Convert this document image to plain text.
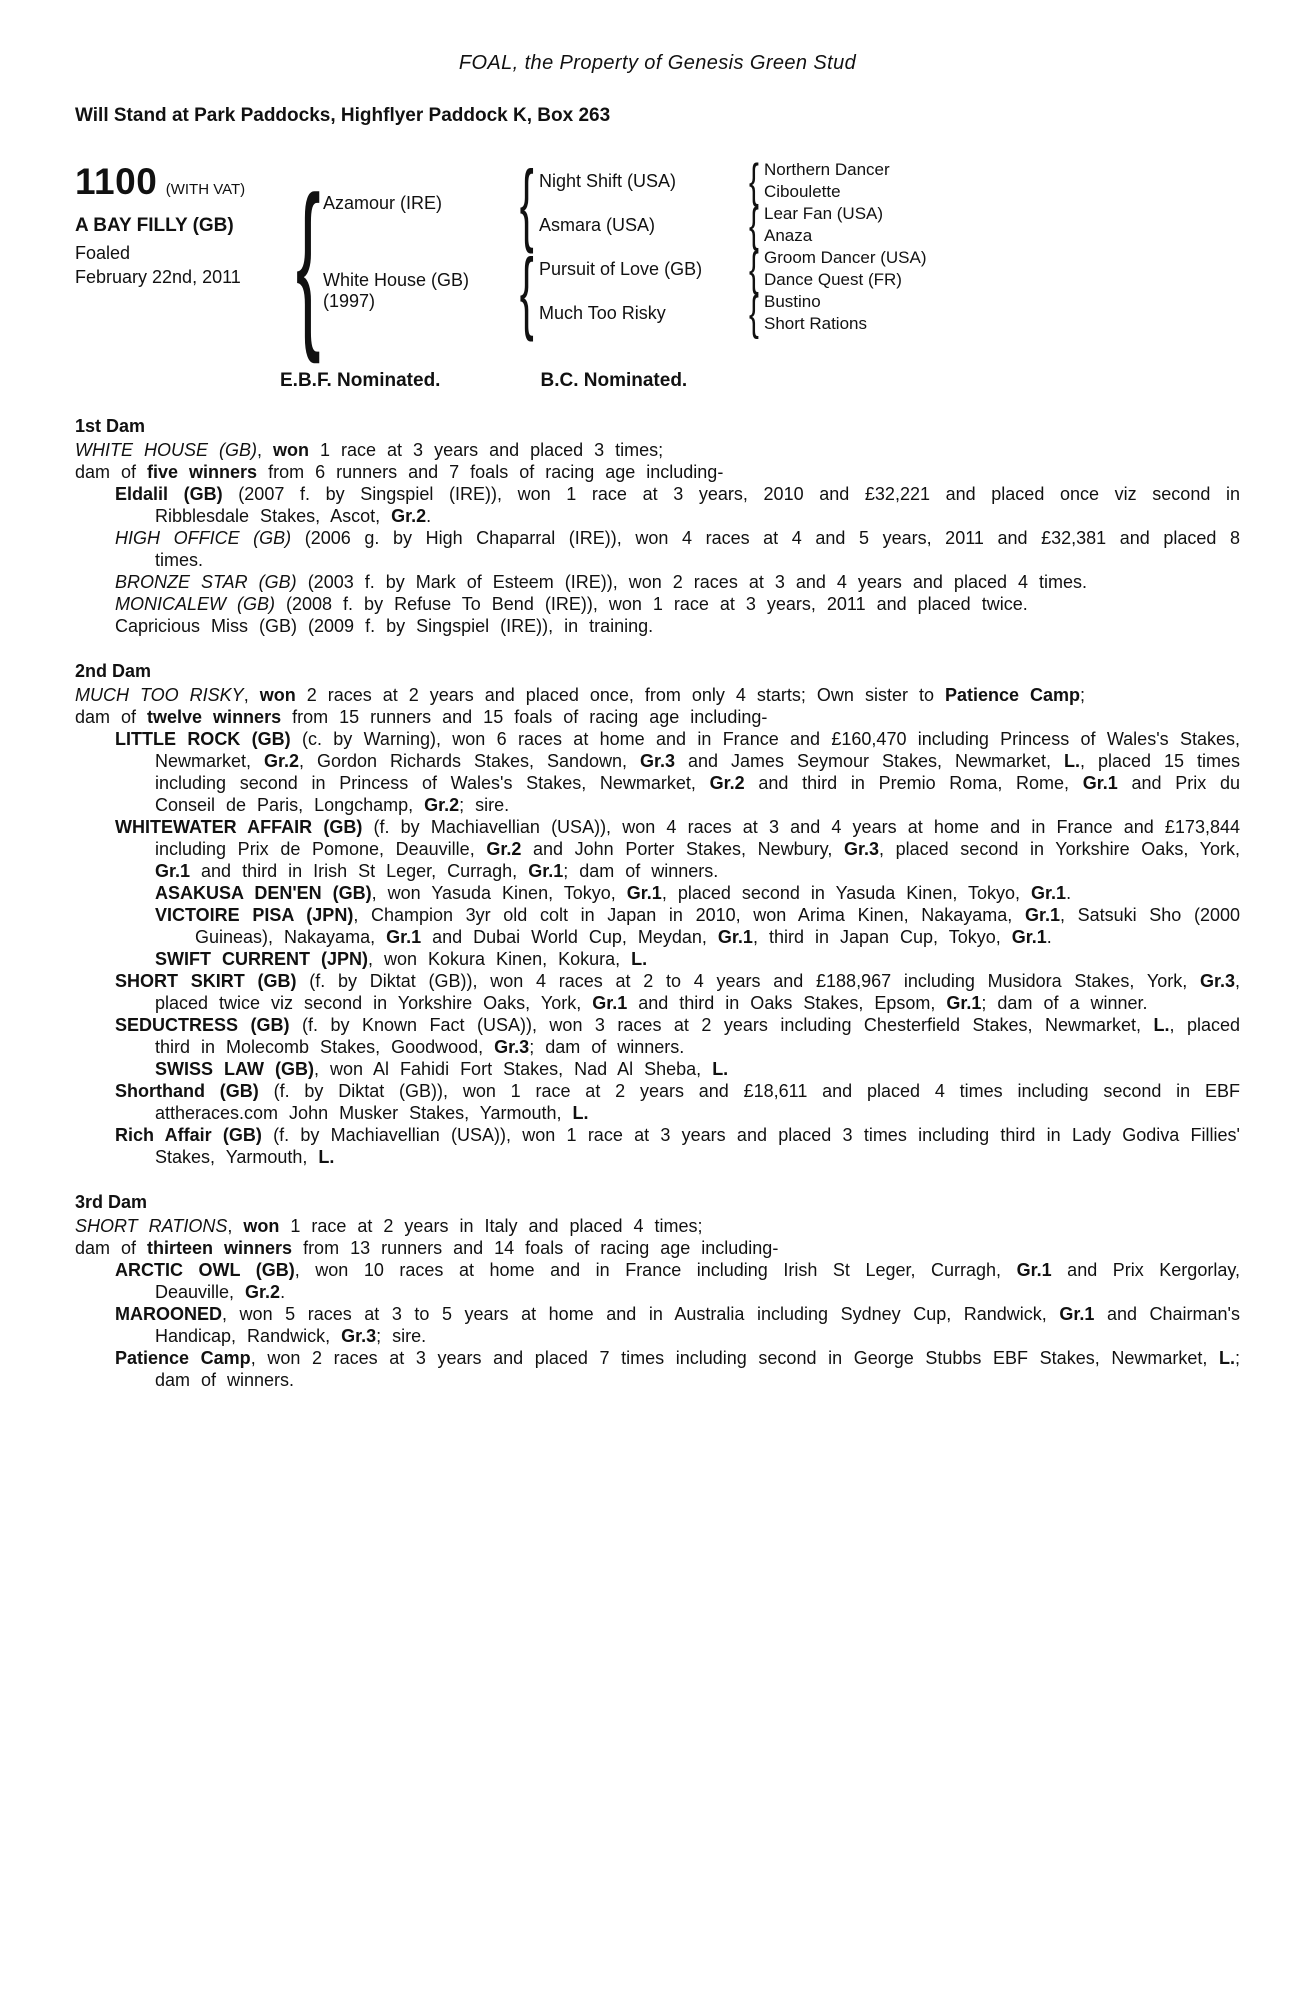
FOAL, the Property of Genesis Green Stud
Will Stand at Park Paddocks, Highflyer Paddock K, Box 263
1100 (WITH VAT)
A BAY FILLY (GB)
Foaled
February 22nd, 2011
{
Azamour (IRE)
{
Night Shift (USA)
{
Northern Dancer
Ciboulette
Asmara (USA)
{
Lear Fan (USA)
Anaza
White House (GB)
(1997)
{
Pursuit of Love (GB)
{
Groom Dancer (USA)
Dance Quest (FR)
Much Too Risky
{
Bustino
Short Rations
E.B.F. Nominated.	B.C. Nominated.
1st Dam

WHITE HOUSE (GB), won 1 race at 3 years and placed 3 times;

dam of five winners from 6 runners and 7 foals of racing age including-

Eldalil (GB) (2007 f. by Singspiel (IRE)), won 1 race at 3 years, 2010 and £32,221 and placed once viz second in Ribblesdale Stakes, Ascot, Gr.2.

HIGH OFFICE (GB) (2006 g. by High Chaparral (IRE)), won 4 races at 4 and 5 years, 2011 and £32,381 and placed 8 times.

BRONZE STAR (GB) (2003 f. by Mark of Esteem (IRE)), won 2 races at 3 and 4 years and placed 4 times.

MONICALEW (GB) (2008 f. by Refuse To Bend (IRE)), won 1 race at 3 years, 2011 and placed twice.

Capricious Miss (GB) (2009 f. by Singspiel (IRE)), in training.

2nd Dam

MUCH TOO RISKY, won 2 races at 2 years and placed once, from only 4 starts; Own sister to Patience Camp;

dam of twelve winners from 15 runners and 15 foals of racing age including-

LITTLE ROCK (GB) (c. by Warning), won 6 races at home and in France and £160,470 including Princess of Wales's Stakes, Newmarket, Gr.2, Gordon Richards Stakes, Sandown, Gr.3 and James Seymour Stakes, Newmarket, L., placed 15 times including second in Princess of Wales's Stakes, Newmarket, Gr.2 and third in Premio Roma, Rome, Gr.1 and Prix du Conseil de Paris, Longchamp, Gr.2; sire.

WHITEWATER AFFAIR (GB) (f. by Machiavellian (USA)), won 4 races at 3 and 4 years at home and in France and £173,844 including Prix de Pomone, Deauville, Gr.2 and John Porter Stakes, Newbury, Gr.3, placed second in Yorkshire Oaks, York, Gr.1 and third in Irish St Leger, Curragh, Gr.1; dam of winners.

ASAKUSA DEN'EN (GB), won Yasuda Kinen, Tokyo, Gr.1, placed second in Yasuda Kinen, Tokyo, Gr.1.

VICTOIRE PISA (JPN), Champion 3yr old colt in Japan in 2010, won Arima Kinen, Nakayama, Gr.1, Satsuki Sho (2000 Guineas), Nakayama, Gr.1 and Dubai World Cup, Meydan, Gr.1, third in Japan Cup, Tokyo, Gr.1.

SWIFT CURRENT (JPN), won Kokura Kinen, Kokura, L.

SHORT SKIRT (GB) (f. by Diktat (GB)), won 4 races at 2 to 4 years and £188,967 including Musidora Stakes, York, Gr.3, placed twice viz second in Yorkshire Oaks, York, Gr.1 and third in Oaks Stakes, Epsom, Gr.1; dam of a winner.

SEDUCTRESS (GB) (f. by Known Fact (USA)), won 3 races at 2 years including Chesterfield Stakes, Newmarket, L., placed third in Molecomb Stakes, Goodwood, Gr.3; dam of winners.

SWISS LAW (GB), won Al Fahidi Fort Stakes, Nad Al Sheba, L.

Shorthand (GB) (f. by Diktat (GB)), won 1 race at 2 years and £18,611 and placed 4 times including second in EBF attheraces.com John Musker Stakes, Yarmouth, L.

Rich Affair (GB) (f. by Machiavellian (USA)), won 1 race at 3 years and placed 3 times including third in Lady Godiva Fillies' Stakes, Yarmouth, L.

3rd Dam

SHORT RATIONS, won 1 race at 2 years in Italy and placed 4 times;

dam of thirteen winners from 13 runners and 14 foals of racing age including-

ARCTIC OWL (GB), won 10 races at home and in France including Irish St Leger, Curragh, Gr.1 and Prix Kergorlay, Deauville, Gr.2.

MAROONED, won 5 races at 3 to 5 years at home and in Australia including Sydney Cup, Randwick, Gr.1 and Chairman's Handicap, Randwick, Gr.3; sire.

Patience Camp, won 2 races at 3 years and placed 7 times including second in George Stubbs EBF Stakes, Newmarket, L.; dam of winners.
